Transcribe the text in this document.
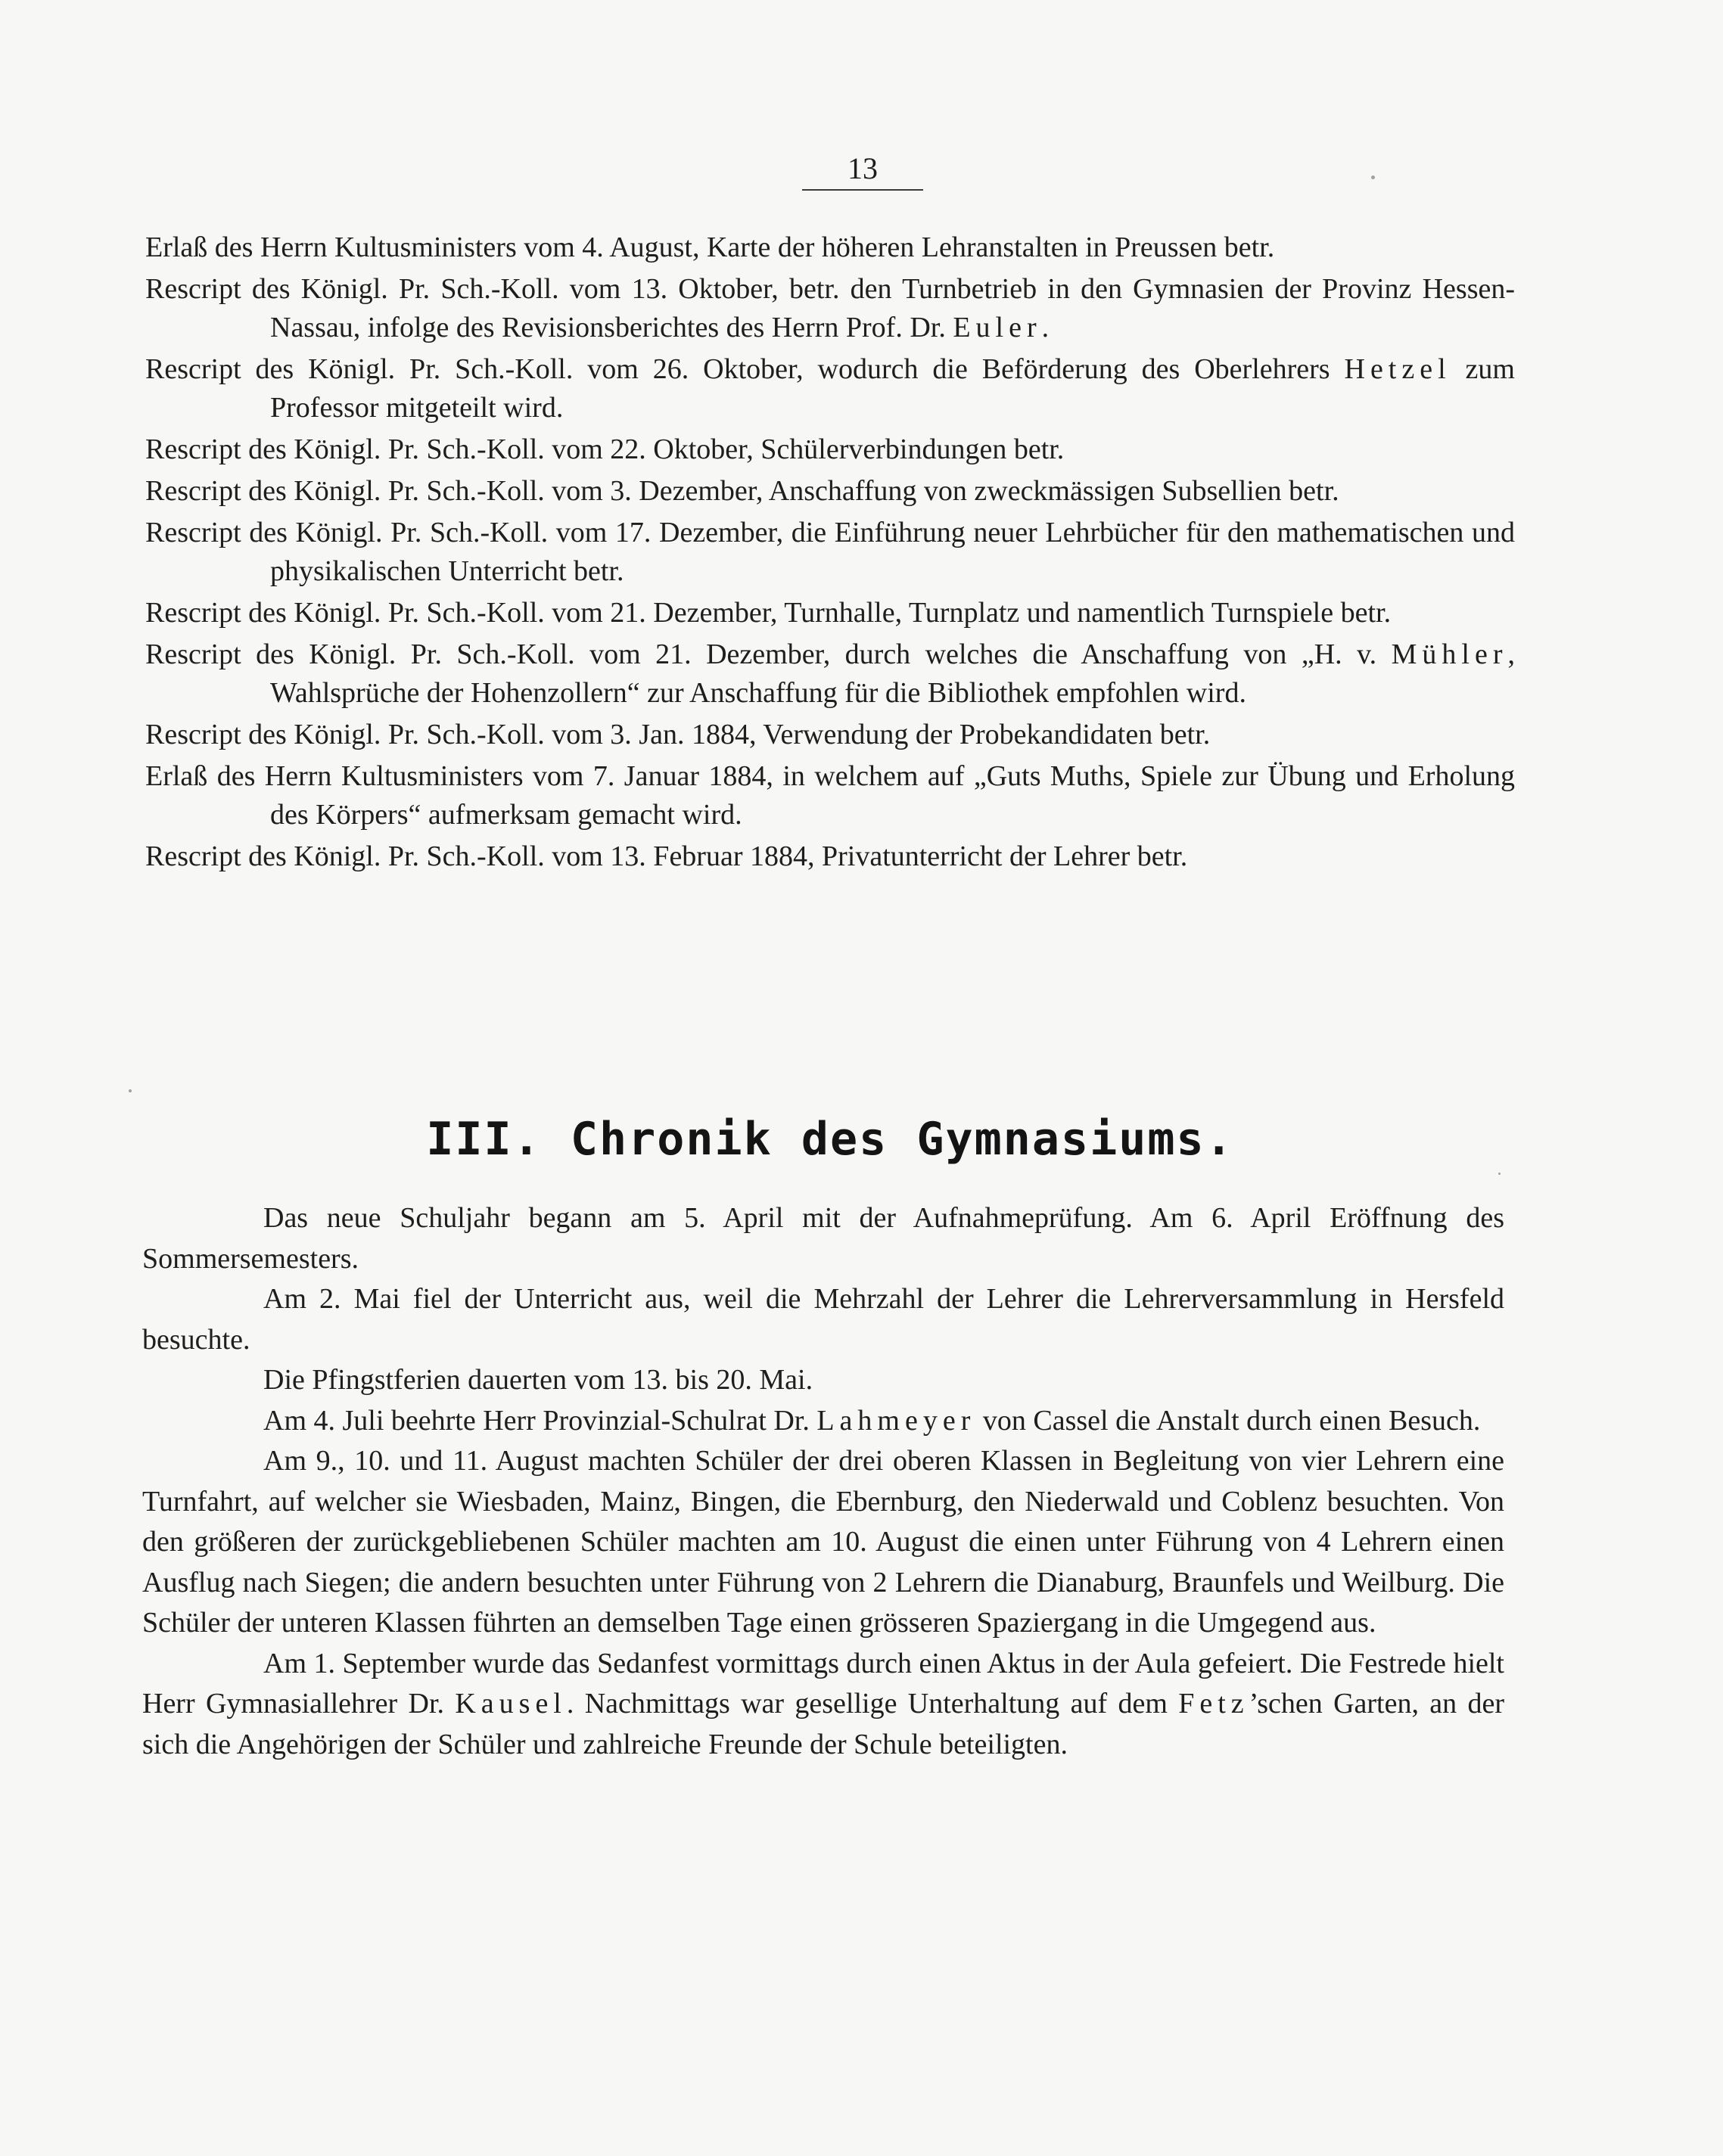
13
Erlaß des Herrn Kultusministers vom 4. August, Karte der höheren Lehranstalten in Preussen betr.
Rescript des Königl. Pr. Sch.-Koll. vom 13. Oktober, betr. den Turnbetrieb in den Gymnasien der Provinz Hessen-Nassau, infolge des Revisionsberichtes des Herrn Prof. Dr. Euler.
Rescript des Königl. Pr. Sch.-Koll. vom 26. Oktober, wodurch die Beförderung des Oberlehrers Hetzel zum Professor mitgeteilt wird.
Rescript des Königl. Pr. Sch.-Koll. vom 22. Oktober, Schülerverbindungen betr.
Rescript des Königl. Pr. Sch.-Koll. vom 3. Dezember, Anschaffung von zweckmässigen Subsellien betr.
Rescript des Königl. Pr. Sch.-Koll. vom 17. Dezember, die Einführung neuer Lehrbücher für den mathematischen und physikalischen Unterricht betr.
Rescript des Königl. Pr. Sch.-Koll. vom 21. Dezember, Turnhalle, Turnplatz und namentlich Turnspiele betr.
Rescript des Königl. Pr. Sch.-Koll. vom 21. Dezember, durch welches die Anschaffung von „H. v. Mühler, Wahlsprüche der Hohenzollern“ zur Anschaffung für die Bibliothek empfohlen wird.
Rescript des Königl. Pr. Sch.-Koll. vom 3. Jan. 1884, Verwendung der Probekandidaten betr.
Erlaß des Herrn Kultusministers vom 7. Januar 1884, in welchem auf „Guts Muths, Spiele zur Übung und Erholung des Körpers“ aufmerksam gemacht wird.
Rescript des Königl. Pr. Sch.-Koll. vom 13. Februar 1884, Privatunterricht der Lehrer betr.
III. Chronik des Gymnasiums.

Das neue Schuljahr begann am 5. April mit der Aufnahmeprüfung. Am 6. April Eröffnung des Sommersemesters.

Am 2. Mai fiel der Unterricht aus, weil die Mehrzahl der Lehrer die Lehrerversammlung in Hersfeld besuchte.

Die Pfingstferien dauerten vom 13. bis 20. Mai.

Am 4. Juli beehrte Herr Provinzial-Schulrat Dr. Lahmeyer von Cassel die Anstalt durch einen Besuch.

Am 9., 10. und 11. August machten Schüler der drei oberen Klassen in Begleitung von vier Lehrern eine Turnfahrt, auf welcher sie Wiesbaden, Mainz, Bingen, die Ebernburg, den Niederwald und Coblenz besuchten. Von den größeren der zurückgebliebenen Schüler machten am 10. August die einen unter Führung von 4 Lehrern einen Ausflug nach Siegen; die andern besuchten unter Führung von 2 Lehrern die Dianaburg, Braunfels und Weilburg. Die Schüler der unteren Klassen führten an demselben Tage einen grösseren Spaziergang in die Umgegend aus.

Am 1. September wurde das Sedanfest vormittags durch einen Aktus in der Aula gefeiert. Die Festrede hielt Herr Gymnasiallehrer Dr. Kausel. Nachmittags war gesellige Unterhaltung auf dem Fetz’schen Garten, an der sich die Angehörigen der Schüler und zahlreiche Freunde der Schule beteiligten.
